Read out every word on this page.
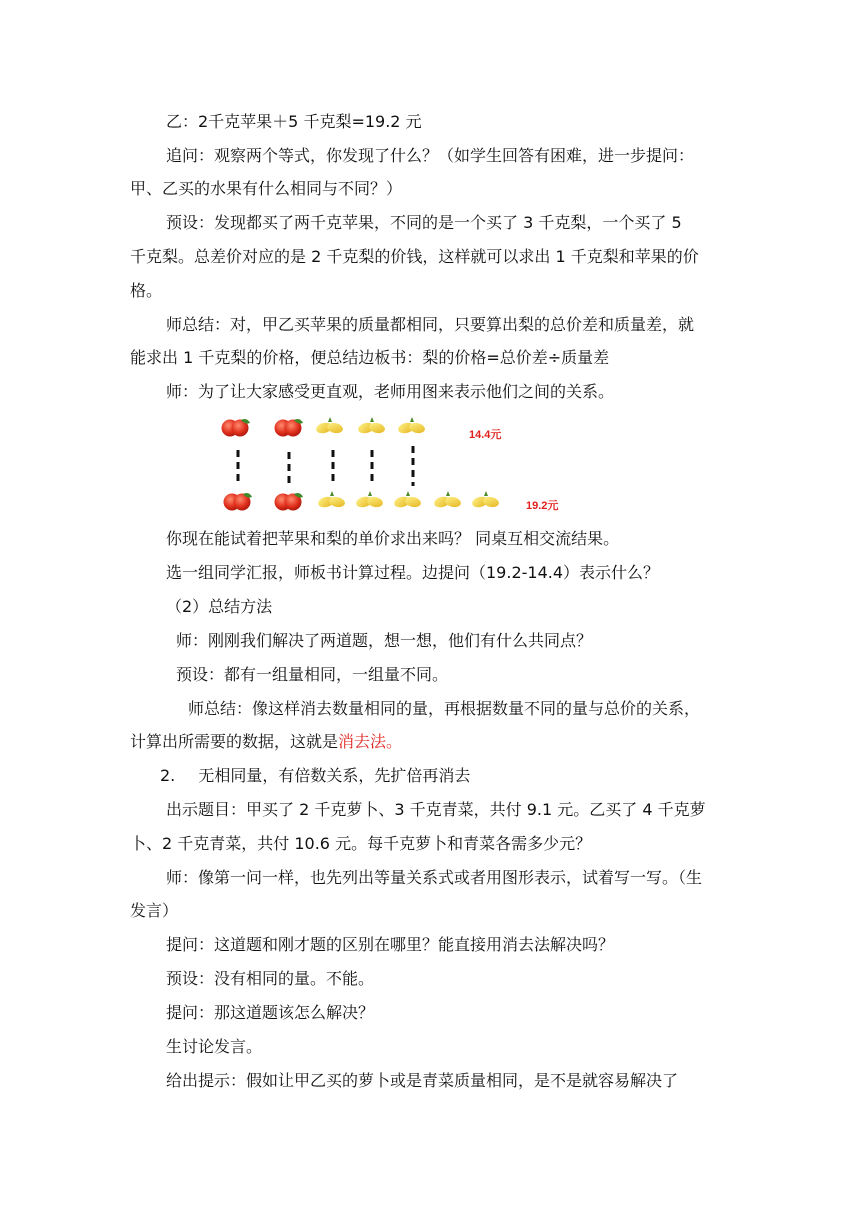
乙：2千克苹果＋5 千克梨=19.2 元
追问：观察两个等式，你发现了什么？（如学生回答有困难，进一步提问：
甲、乙买的水果有什么相同与不同？）
预设：发现都买了两千克苹果，不同的是一个买了 3 千克梨，一个买了 5
千克梨。总差价对应的是 2 千克梨的价钱，这样就可以求出 1 千克梨和苹果的价
格。
师总结：对，甲乙买苹果的质量都相同，只要算出梨的总价差和质量差，就
能求出 1 千克梨的价格，便总结边板书：梨的价格=总价差÷质量差
师：为了让大家感受更直观，老师用图来表示他们之间的关系。
14.4元
19.2元
你现在能试着把苹果和梨的单价求出来吗？ 同桌互相交流结果。
选一组同学汇报，师板书计算过程。边提问（19.2-14.4）表示什么？
（2）总结方法
师：刚刚我们解决了两道题，想一想，他们有什么共同点？
预设：都有一组量相同，一组量不同。
师总结：像这样消去数量相同的量，再根据数量不同的量与总价的关系，
计算出所需要的数据，这就是消去法。
2. 无相同量，有倍数关系，先扩倍再消去
出示题目：甲买了 2 千克萝卜、3 千克青菜，共付 9.1 元。乙买了 4 千克萝
卜、2 千克青菜，共付 10.6 元。每千克萝卜和青菜各需多少元？
师：像第一问一样，也先列出等量关系式或者用图形表示，试着写一写。（生
发言）
提问：这道题和刚才题的区别在哪里？能直接用消去法解决吗？
预设：没有相同的量。不能。
提问：那这道题该怎么解决？
生讨论发言。
给出提示：假如让甲乙买的萝卜或是青菜质量相同，是不是就容易解决了
